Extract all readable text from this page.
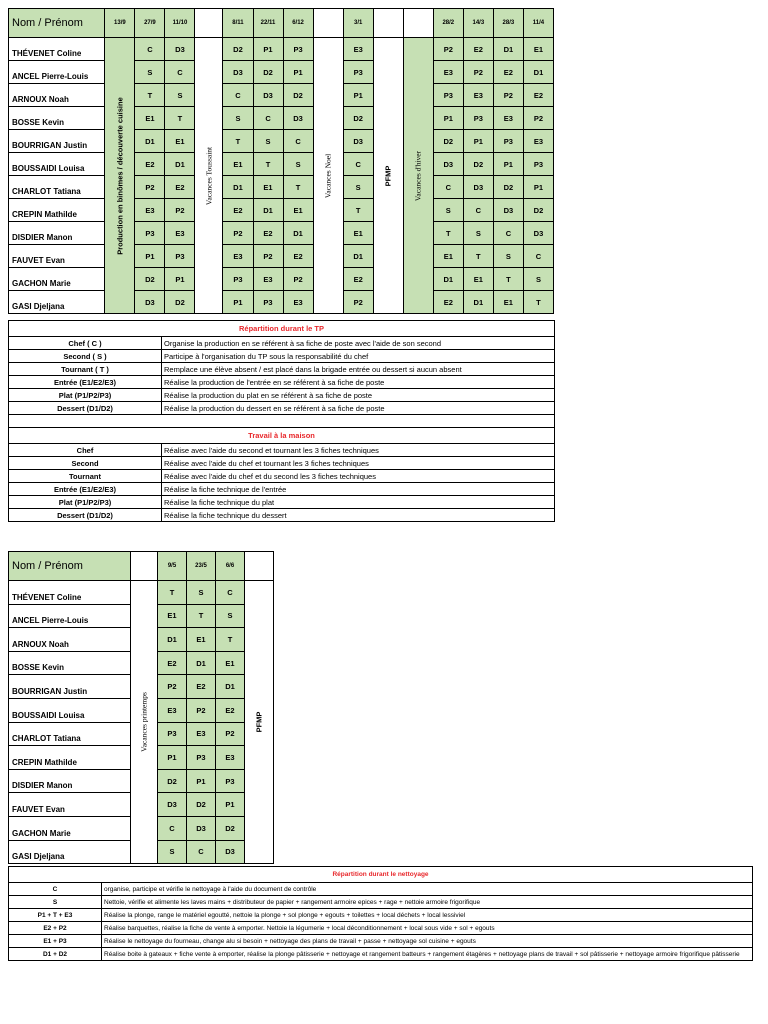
Nom / Prénom	13/9	27/9	11/10		8/11	22/11	6/12		3/1			28/2	14/3	28/3	11/4
THÉVENET Coline	Production en binômes / découverte cuisine	C	D3	Vacances Toussaint	D2	P1	P3	Vacances Noel	E3	PFMP	Vacances d'hiver	P2	E2	D1	E1
ANCEL Pierre-Louis		S	C		D3	D2	P1		P3			E3	P2	E2	D1
ARNOUX Noah		T	S		C	D3	D2		P1			P3	E3	P2	E2
BOSSE Kevin		E1	T		S	C	D3		D2			P1	P3	E3	P2
BOURRIGAN Justin		D1	E1		T	S	C		D3			D2	P1	P3	E3
BOUSSAIDI Louisa		E2	D1		E1	T	S		C			D3	D2	P1	P3
CHARLOT Tatiana		P2	E2		D1	E1	T		S			C	D3	D2	P1
CREPIN Mathilde		E3	P2		E2	D1	E1		T			S	C	D3	D2
DISDIER Manon		P3	E3		P2	E2	D1		E1			T	S	C	D3
FAUVET Evan		P1	P3		E3	P2	E2		D1			E1	T	S	C
GACHON Marie		D2	P1		P3	E3	P2		E2			D1	E1	T	S
GASI Djeljana		D3	D2		P1	P3	E3		P2			E2	D1	E1	T
Répartition durant le TP	
Chef ( C )	Organise la production en se référent à sa fiche de poste avec l'aide de son second
Second ( S )	Participe à l'organisation du TP sous la responsabilité du chef
Tournant ( T )	Remplace une élève absent / est placé dans la brigade entrée ou dessert si aucun absent
Entrée (E1/E2/E3)	Réalise la production de l'entrée en se référent à sa fiche de poste
Plat (P1/P2/P3)	Réalise la production du plat en se référent à sa fiche de poste
Dessert (D1/D2)	Réalise la production du dessert en se référent à sa fiche de poste

Travail à la maison	
Chef	Réalise avec l'aide du second et tournant les 3 fiches techniques
Second	Réalise avec l'aide du chef et tournant les 3 fiches techniques
Tournant	Réalise avec l'aide du chef et du second les 3 fiches techniques
Entrée (E1/E2/E3)	Réalise la fiche technique de l'entrée
Plat (P1/P2/P3)	Réalise la fiche technique du plat
Dessert (D1/D2)	Réalise la fiche technique du dessert
Nom / Prénom		9/5	23/5	6/6	
THÉVENET Coline	Vacances printemps	T	S	C	PFMP

ANCEL Pierre-Louis		E1	T	S	
ARNOUX Noah		D1	E1	T	
BOSSE Kevin		E2	D1	E1	
BOURRIGAN Justin		P2	E2	D1	
BOUSSAIDI Louisa		E3	P2	E2	
CHARLOT Tatiana		P3	E3	P2	
CREPIN Mathilde		P1	P3	E3	
DISDIER Manon		D2	P1	P3	
FAUVET Evan		D3	D2	P1	
GACHON Marie		C	D3	D2	
GASI Djeljana		S	C	D3	
Répartition durant le nettoyage	
C	organise, participe et vérifie le nettoyage à l'aide du document de contrôle
S	Nettoie, vérifie et alimente les laves mains + distributeur de papier + rangement armoire epices + rage + nettoie armoire frigorifique
P1 + T + E3	Réalise la plonge, range le matériel egoutté, nettoie la plonge + sol plonge + egouts + toilettes + local déchets + local lessiviel
E2 + P2	Réalise barquettes, réalise la fiche de vente à emporter. Nettoie la légumerie + local déconditionnement + local sous vide + sol + egouts
E1 + P3	Réalise le nettoyage du fourneau, change alu si besoin + nettoyage des plans de travail + passe + nettoyage sol cuisine + egouts
D1 + D2	Réalise boite à gateaux + fiche vente à emporter, réalise la plonge pâtisserie + nettoyage et rangement batteurs + rangement étagères + nettoyage plans de travail + sol pâtisserie + nettoyage armoire frigorifique pâtisserie
